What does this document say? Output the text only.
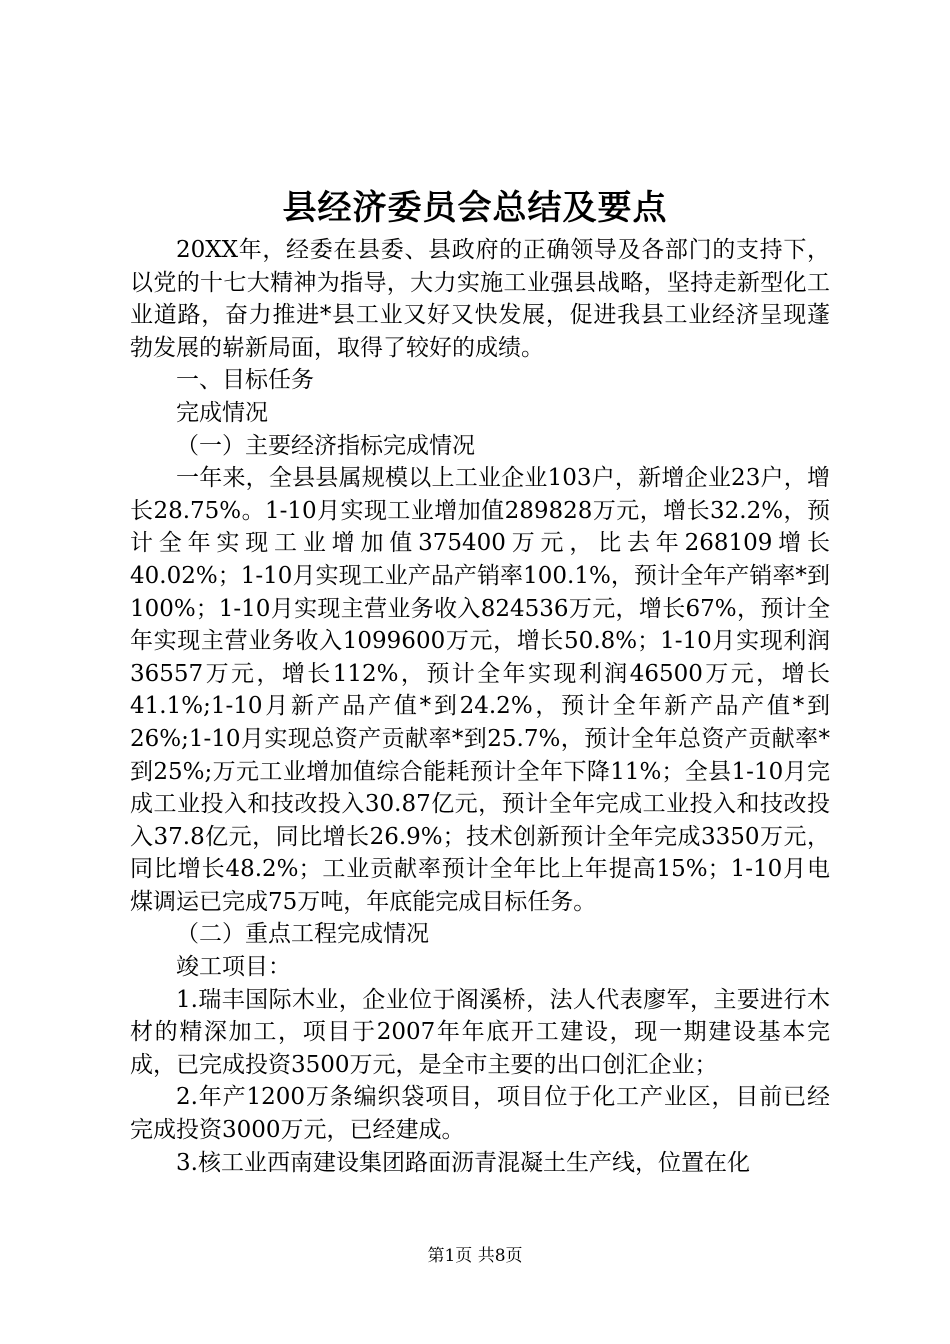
县经济委员会总结及要点

20XX年，经委在县委、县政府的正确领导及各部门的支持下，以党的十七大精神为指导，大力实施工业强县战略，坚持走新型化工业道路，奋力推进*县工业又好又快发展，促进我县工业经济呈现蓬勃发展的崭新局面，取得了较好的成绩。

一、目标任务

完成情况

（一）主要经济指标完成情况

一年来，全县县属规模以上工业企业103户，新增企业23户，增长28.75%。1-10月实现工业增加值289828万元，增长32.2%，预计全年实现工业增加值375400万元，比去年268109增长40.02%；1-10月实现工业产品产销率100.1%，预计全年产销率*到100%；1-10月实现主营业务收入824536万元，增长67%，预计全年实现主营业务收入1099600万元，增长50.8%；1-10月实现利润36557万元，增长112%，预计全年实现利润46500万元，增长41.1%;1-10月新产品产值*到24.2%，预计全年新产品产值*到26%;1-10月实现总资产贡献率*到25.7%，预计全年总资产贡献率*到25%;万元工业增加值综合能耗预计全年下降11%；全县1-10月完成工业投入和技改投入30.87亿元，预计全年完成工业投入和技改投入37.8亿元，同比增长26.9%；技术创新预计全年完成3350万元，同比增长48.2%；工业贡献率预计全年比上年提高15%；1-10月电煤调运已完成75万吨，年底能完成目标任务。

（二）重点工程完成情况

竣工项目：

1.瑞丰国际木业，企业位于阁溪桥，法人代表廖军，主要进行木材的精深加工，项目于2007年年底开工建设，现一期建设基本完成，已完成投资3500万元，是全市主要的出口创汇企业；

2.年产1200万条编织袋项目，项目位于化工产业区，目前已经完成投资3000万元，已经建成。

3.核工业西南建设集团路面沥青混凝土生产线，位置在化

第1页 共8页
